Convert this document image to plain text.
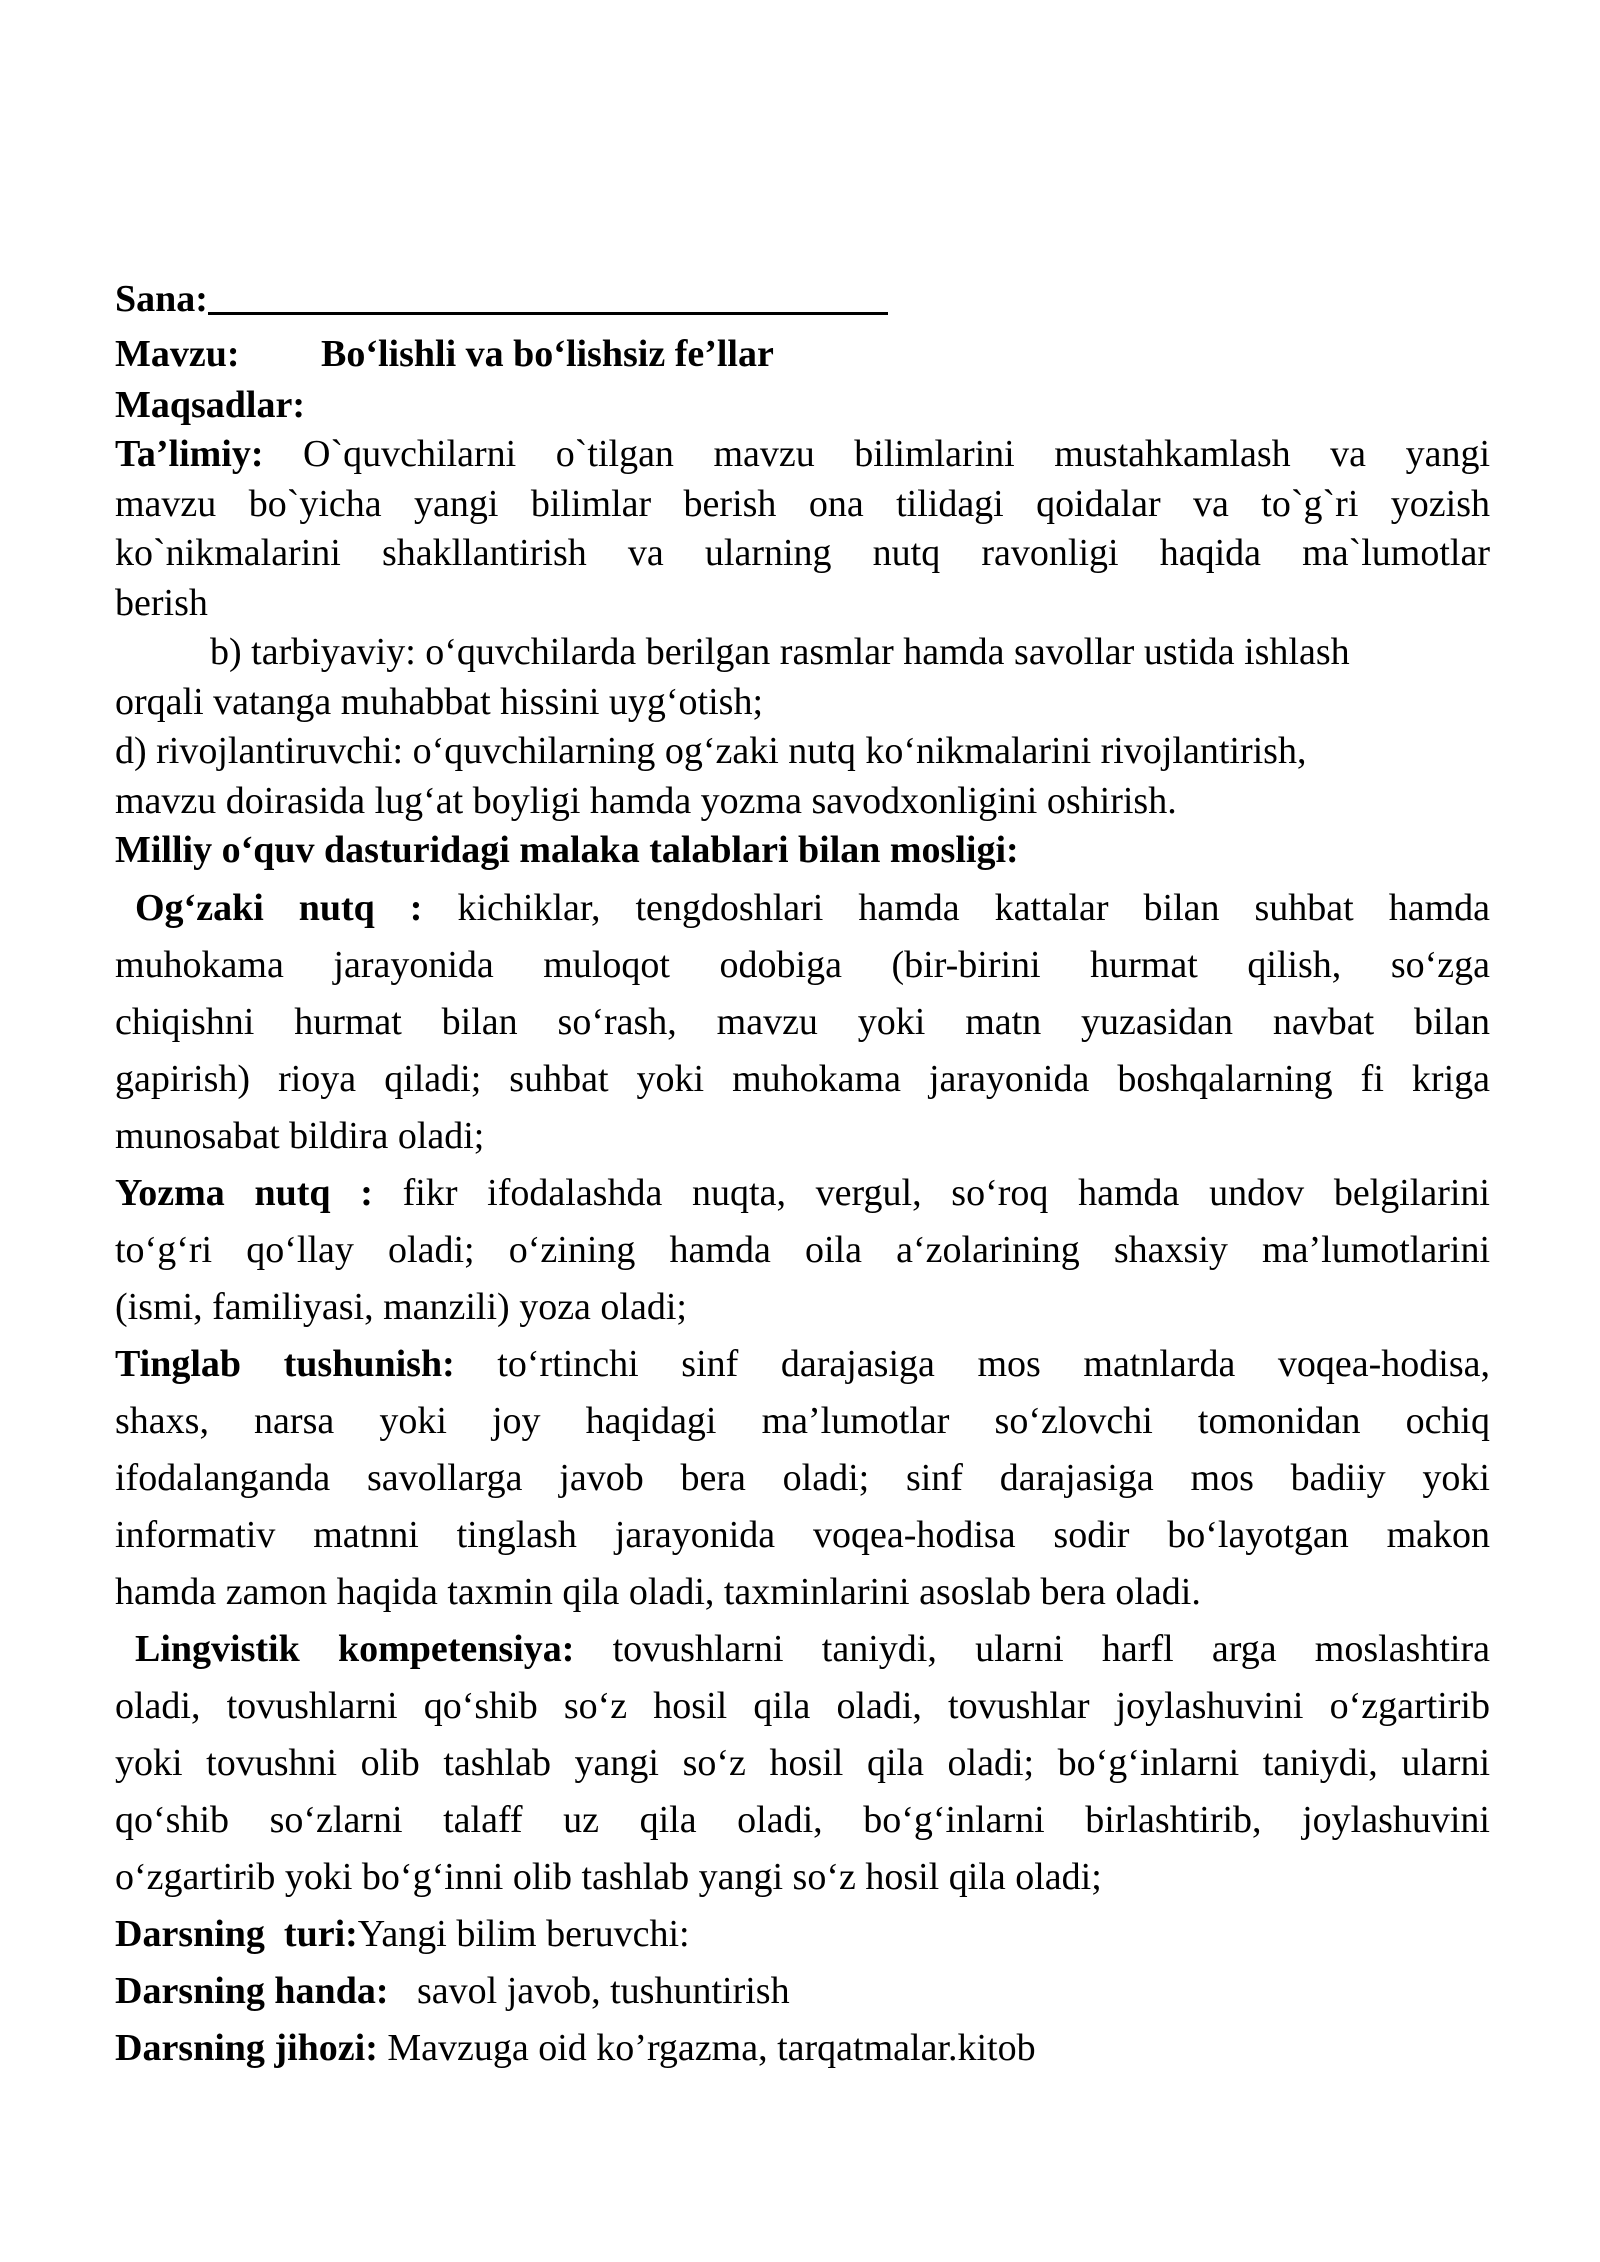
Sana:
Mavzu: Bo‘lishli va bo‘lishsiz fe’llar
Maqsadlar:
Ta’limiy: O`quvchilarni o`tilgan mavzu bilimlarini mustahkamlash va yangi
mavzu bo`yicha yangi bilimlar berish ona tilidagi qoidalar va to`g`ri yozish
ko`nikmalarini shakllantirish va ularning nutq ravonligi haqida ma`lumotlar
berish
b) tarbiyaviy: o‘quvchilarda berilgan rasmlar hamda savollar ustida ishlash
orqali vatanga muhabbat hissini uyg‘otish;
d) rivojlantiruvchi: o‘quvchilarning og‘zaki nutq ko‘nikmalarini rivojlantirish,
mavzu doirasida lug‘at boyligi hamda yozma savodxonligini oshirish.
Milliy o‘quv dasturidagi malaka talablari bilan mosligi:
Og‘zaki nutq : kichiklar, tengdoshlari hamda kattalar bilan suhbat hamda
muhokama jarayonida muloqot odobiga (bir-birini hurmat qilish, so‘zga
chiqishni hurmat bilan so‘rash, mavzu yoki matn yuzasidan navbat bilan
gapirish) rioya qiladi; suhbat yoki muhokama jarayonida boshqalarning fi kriga
munosabat bildira oladi;
Yozma nutq : fikr ifodalashda nuqta, vergul, so‘roq hamda undov belgilarini
to‘g‘ri qo‘llay oladi; o‘zining hamda oila a‘zolarining shaxsiy ma’lumotlarini
(ismi, familiyasi, manzili) yoza oladi;
Tinglab tushunish: to‘rtinchi sinf darajasiga mos matnlarda voqea-hodisa,
shaxs, narsa yoki joy haqidagi ma’lumotlar so‘zlovchi tomonidan ochiq
ifodalanganda savollarga javob bera oladi; sinf darajasiga mos badiiy yoki
informativ matnni tinglash jarayonida voqea-hodisa sodir bo‘layotgan makon
hamda zamon haqida taxmin qila oladi, taxminlarini asoslab bera oladi.
Lingvistik kompetensiya: tovushlarni taniydi, ularni harfl arga moslashtira
oladi, tovushlarni qo‘shib so‘z hosil qila oladi, tovushlar joylashuvini o‘zgartirib
yoki tovushni olib tashlab yangi so‘z hosil qila oladi; bo‘g‘inlarni taniydi, ularni
qo‘shib so‘zlarni talaff uz qila oladi, bo‘g‘inlarni birlashtirib, joylashuvini
o‘zgartirib yoki bo‘g‘inni olib tashlab yangi so‘z hosil qila oladi;
Darsning  turi:Yangi bilim beruvchi:
Darsning handa:   savol javob, tushuntirish
Darsning jihozi: Mavzuga oid ko’rgazma, tarqatmalar.kitob
